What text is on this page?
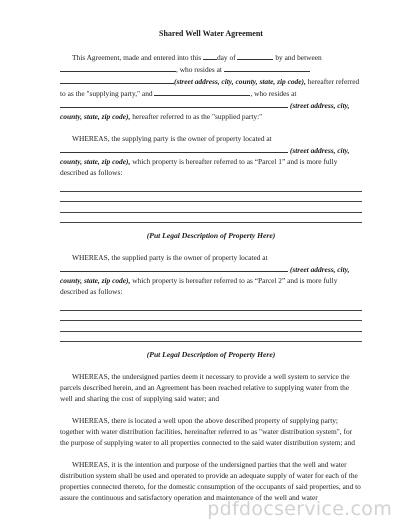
Shared Well Water Agreement

This Agreement, made and entered into this day of	by and between
, who resides at
(street address, city, county, state, zip code), hereafter referred to as the "supplying party," and	, who resides at
(street address, city, county, state, zip code), hereafter referred to as the "supplied party:"

WHEREAS, the supplying party is the owner of property located at
(street address, city, county, state, zip code), which property is hereafter referred to as “Parcel 1” and is more fully described as follows:

(Put Legal Description of Property Here)

WHEREAS, the supplied party is the owner of property located at
(street address, city, county, state, zip code), which property is hereafter referred to as “Parcel 2” and is more fully described as follows:

(Put Legal Description of Property Here)

WHEREAS, the undersigned parties deem it necessary to provide a well system to service the parcels described herein, and an Agreement has been reached relative to supplying water from the well and sharing the cost of supplying said water; and

WHEREAS, there is located a well upon the above described property of supplying party; together with water distribution facilities, hereinafter referred to as "water distribution system", for the purpose of supplying water to all properties connected to the said water distribution system; and

WHEREAS, it is the intention and purpose of the undersigned parties that the well and water distribution system shall be used and operated to provide an adequate supply of water for each of the properties connected thereto, for the domestic consumption of the occupants of said properties, and to assure the continuous and satisfactory operation and maintenance of the well and water

pdfdocservice.com
